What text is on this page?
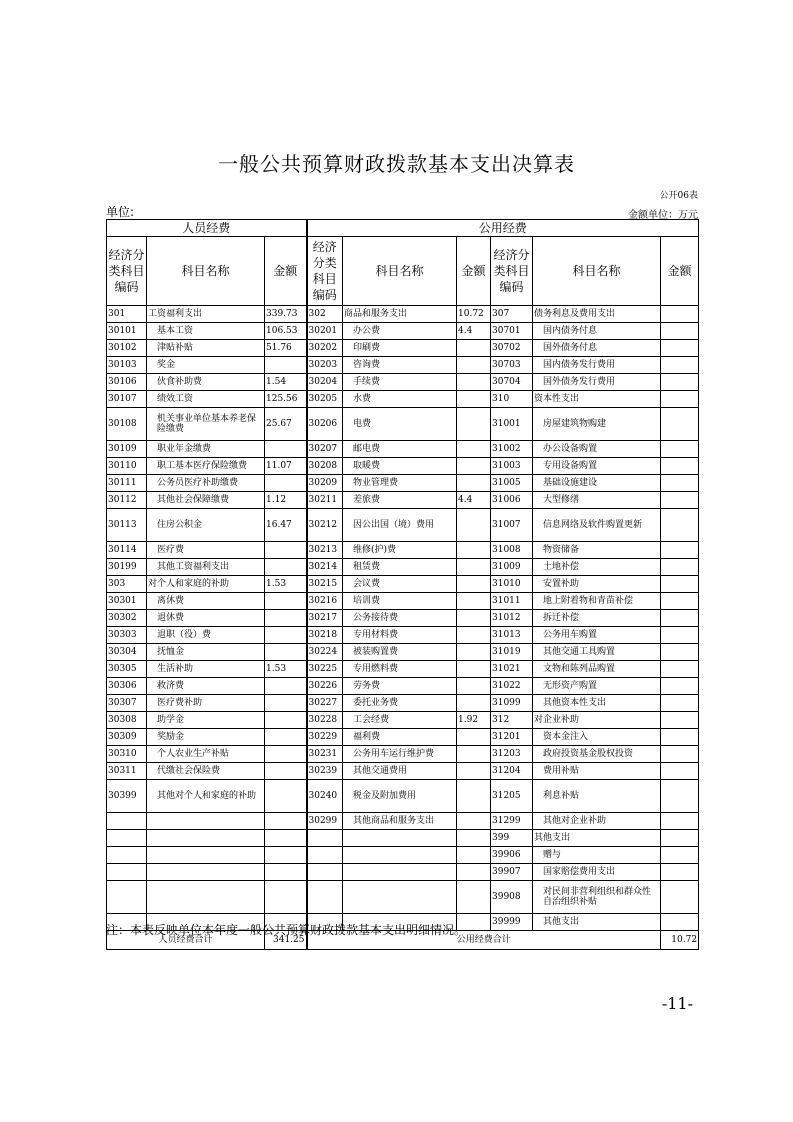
一般公共预算财政拨款基本支出决算表
公开06表
单位:	金额单位：万元
人员经费			公用经费					
经济分类科目编码	科目名称	金额	经济分类科目编码	科目名称	金额	经济分类科目编码	科目名称	金额
301	工资福利支出	339.73	302	商品和服务支出	10.72	307	债务利息及费用支出	
30101	基本工资	106.53	30201	办公费	4.4	30701	国内债务付息	
30102	津贴补贴	51.76	30202	印刷费		30702	国外债务付息	
30103	奖金		30203	咨询费		30703	国内债务发行费用	
30106	伙食补助费	1.54	30204	手续费		30704	国外债务发行费用	
30107	绩效工资	125.56	30205	水费		310	资本性支出	
30108	机关事业单位基本养老保险缴费	25.67	30206	电费		31001	房屋建筑物购建	
30109	职业年金缴费		30207	邮电费		31002	办公设备购置	
30110	职工基本医疗保险缴费	11.07	30208	取暖费		31003	专用设备购置	
30111	公务员医疗补助缴费		30209	物业管理费		31005	基础设施建设	
30112	其他社会保障缴费	1.12	30211	差旅费	4.4	31006	大型修缮	
30113	住房公积金	16.47	30212	因公出国（境）费用		31007	信息网络及软件购置更新	
30114	医疗费		30213	维修(护)费		31008	物资储备	
30199	其他工资福利支出		30214	租赁费		31009	土地补偿	
303	对个人和家庭的补助	1.53	30215	会议费		31010	安置补助	
30301	离休费		30216	培训费		31011	地上附着物和青苗补偿	
30302	退休费		30217	公务接待费		31012	拆迁补偿	
30303	退职（役）费		30218	专用材料费		31013	公务用车购置	
30304	抚恤金		30224	被装购置费		31019	其他交通工具购置	
30305	生活补助	1.53	30225	专用燃料费		31021	文物和陈列品购置	
30306	救济费		30226	劳务费		31022	无形资产购置	
30307	医疗费补助		30227	委托业务费		31099	其他资本性支出	
30308	助学金		30228	工会经费	1.92	312	对企业补助	
30309	奖励金		30229	福利费		31201	资本金注入	
30310	个人农业生产补贴		30231	公务用车运行维护费		31203	政府投资基金股权投资	
30311	代缴社会保险费		30239	其他交通费用		31204	费用补贴	
30399	其他对个人和家庭的补助		30240	税金及附加费用		31205	利息补贴	
			30299	其他商品和服务支出		31299	其他对企业补助	
						399	其他支出	
						39906	赠与	
						39907	国家赔偿费用支出	
						39908	对民间非营利组织和群众性自治组织补贴	
						39999	其他支出	
人员经费合计		341.25	公用经费合计					10.72
注：本表反映单位本年度一般公共预算财政拨款基本支出明细情况。
-11-
